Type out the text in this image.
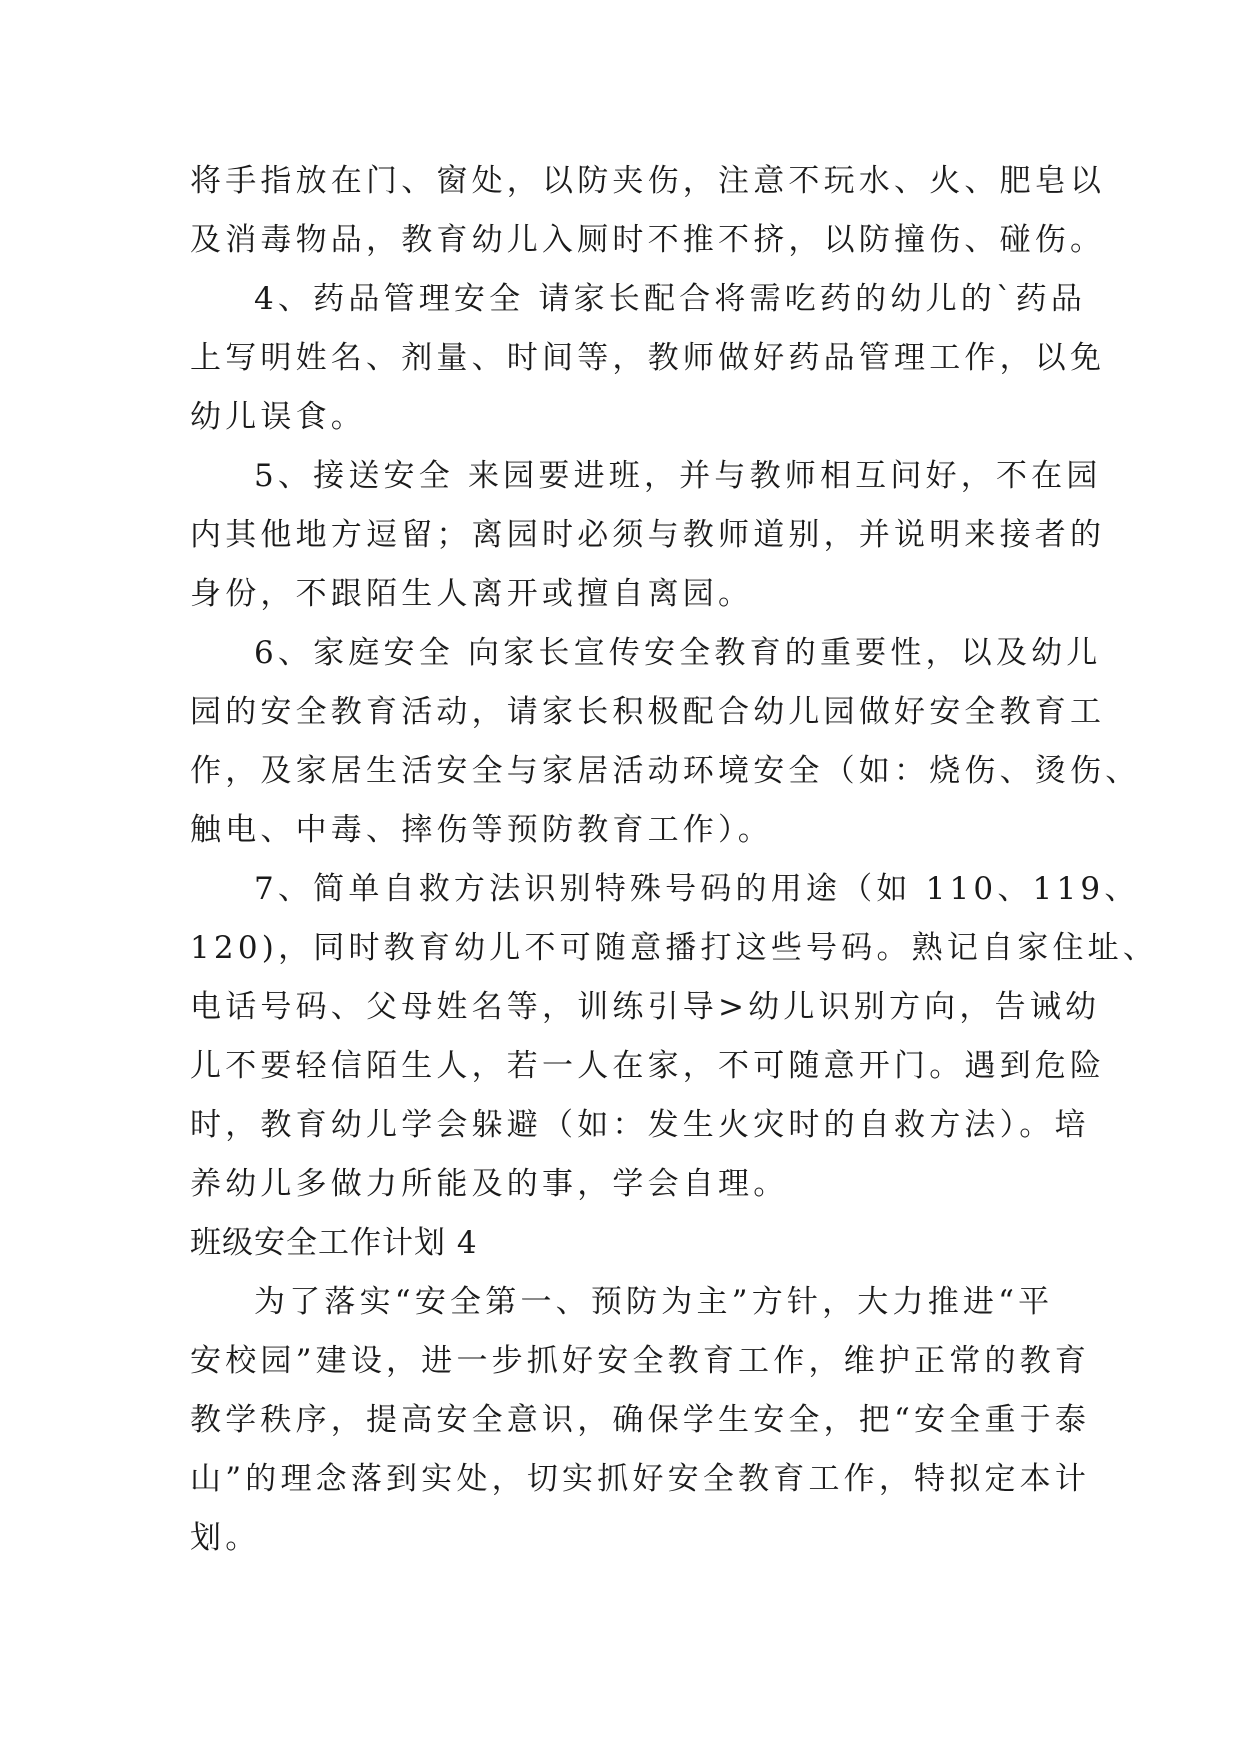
将手指放在门、窗处，以防夹伤，注意不玩水、火、肥皂以
及消毒物品，教育幼儿入厕时不推不挤，以防撞伤、碰伤。
4、药品管理安全 请家长配合将需吃药的幼儿的`药品
上写明姓名、剂量、时间等，教师做好药品管理工作，以免
幼儿误食。
5、接送安全 来园要进班，并与教师相互问好，不在园
内其他地方逗留；离园时必须与教师道别，并说明来接者的
身份，不跟陌生人离开或擅自离园。
6、家庭安全 向家长宣传安全教育的重要性，以及幼儿
园的安全教育活动，请家长积极配合幼儿园做好安全教育工
作，及家居生活安全与家居活动环境安全（如：烧伤、烫伤、
触电、中毒、摔伤等预防教育工作）。
7、简单自救方法识别特殊号码的用途（如 110、119、
120)，同时教育幼儿不可随意播打这些号码。熟记自家住址、
电话号码、父母姓名等，训练引导>幼儿识别方向，告诫幼
儿不要轻信陌生人，若一人在家，不可随意开门。遇到危险
时，教育幼儿学会躲避（如：发生火灾时的自救方法）。培
养幼儿多做力所能及的事，学会自理。
班级安全工作计划 4
为了落实“安全第一、预防为主”方针，大力推进“平
安校园”建设，进一步抓好安全教育工作，维护正常的教育
教学秩序，提高安全意识，确保学生安全，把“安全重于泰
山”的理念落到实处，切实抓好安全教育工作，特拟定本计
划。
